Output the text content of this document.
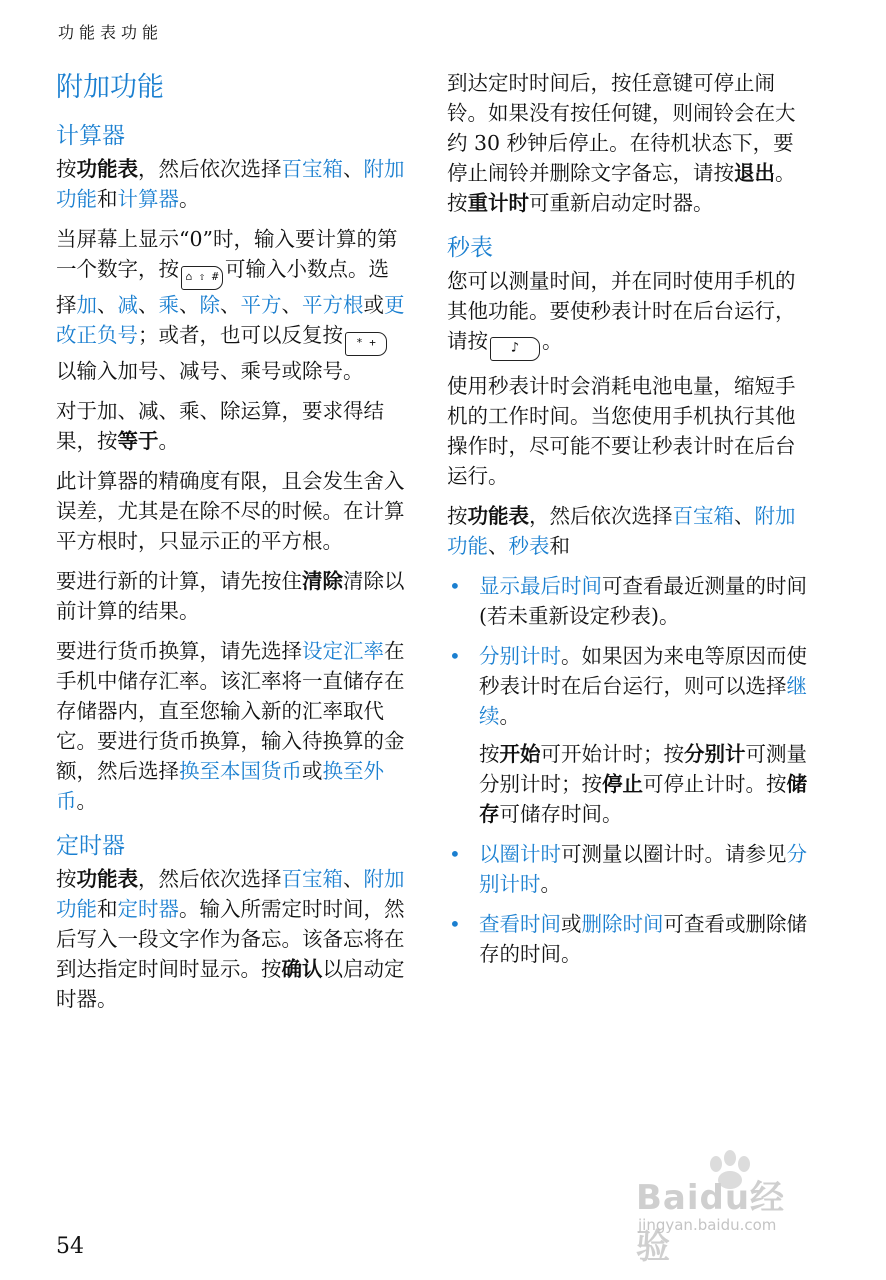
功能表功能
附加功能
计算器

按功能表，然后依次选择百宝箱、附加功能和计算器。

当屏幕上显示“0”时，输入要计算的第一个数字，按 ⌂ ⇧ # 可输入小数点。选择加、减、乘、除、平方、平方根或更改正负号；或者，也可以反复按 * +以输入加号、减号、乘号或除号。

对于加、减、乘、除运算，要求得结果，按等于。

此计算器的精确度有限，且会发生舍入误差，尤其是在除不尽的时候。在计算平方根时，只显示正的平方根。

要进行新的计算，请先按住清除清除以前计算的结果。

要进行货币换算，请先选择设定汇率在手机中储存汇率。该汇率将一直储存在存储器内，直至您输入新的汇率取代它。要进行货币换算，输入待换算的金额，然后选择换至本国货币或换至外币。

定时器

按功能表，然后依次选择百宝箱、附加功能和定时器。输入所需定时时间，然后写入一段文字作为备忘。该备忘将在到达指定时间时显示。按确认以启动定时器。

到达定时时间后，按任意键可停止闹铃。如果没有按任何键，则闹铃会在大约 30 秒钟后停止。在待机状态下，要停止闹铃并删除文字备忘，请按退出。按重计时可重新启动定时器。

秒表

您可以测量时间，并在同时使用手机的其他功能。要使秒表计时在后台运行，请按 ♪ 。

使用秒表计时会消耗电池电量，缩短手机的工作时间。当您使用手机执行其他操作时，尽可能不要让秒表计时在后台运行。

按功能表，然后依次选择百宝箱、附加功能、秒表和

• 显示最后时间可查看最近测量的时间 (若未重新设定秒表)。

• 分别计时。如果因为来电等原因而使秒表计时在后台运行，则可以选择继续。

按开始可开始计时；按分别计可测量分别计时；按停止可停止计时。按储存可储存时间。

• 以圈计时可测量以圈计时。请参见分别计时。

• 查看时间或删除时间可查看或删除储存的时间。

54
Baidu经验
jingyan.baidu.com
